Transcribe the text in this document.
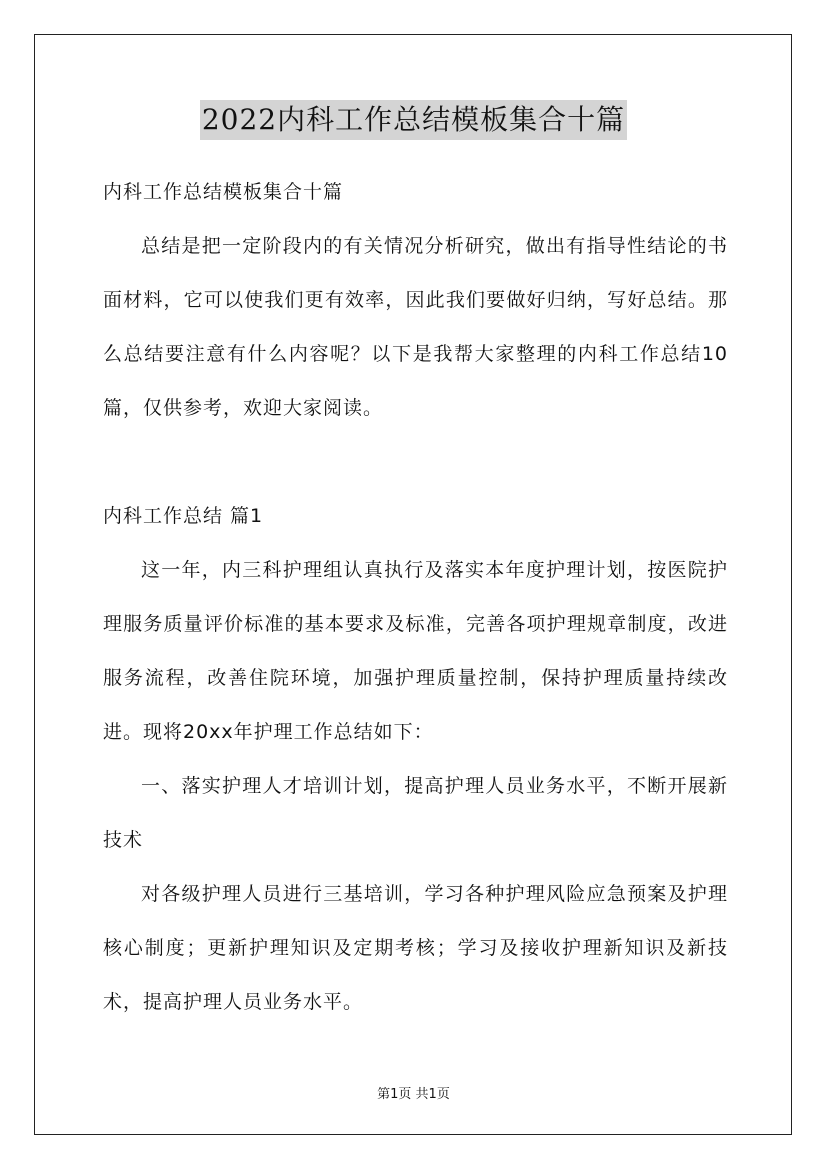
2022内科工作总结模板集合十篇

内科工作总结模板集合十篇

总结是把一定阶段内的有关情况分析研究，做出有指导性结论的书面材料，它可以使我们更有效率，因此我们要做好归纳，写好总结。那么总结要注意有什么内容呢？以下是我帮大家整理的内科工作总结10篇，仅供参考，欢迎大家阅读。

内科工作总结 篇1

这一年，内三科护理组认真执行及落实本年度护理计划，按医院护理服务质量评价标准的基本要求及标准，完善各项护理规章制度，改进服务流程，改善住院环境，加强护理质量控制，保持护理质量持续改进。现将20xx年护理工作总结如下：

一、落实护理人才培训计划，提高护理人员业务水平，不断开展新技术

对各级护理人员进行三基培训，学习各种护理风险应急预案及护理核心制度；更新护理知识及定期考核；学习及接收护理新知识及新技术，提高护理人员业务水平。

第1页 共1页
